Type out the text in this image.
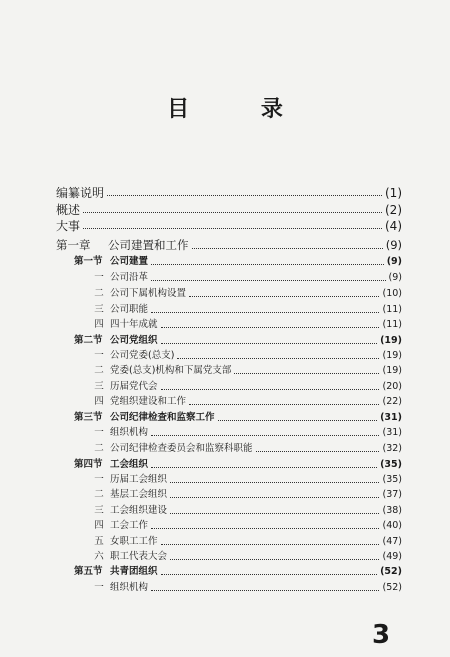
目 录
编纂说明	(1)
概述	(2)
大事	(4)
第一章	公司建置和工作	(9)
第一节 公司建置	(9)
一 公司沿革	(9)
二 公司下属机构设置	(10)
三 公司职能	(11)
四 四十年成就	(11)
第二节 公司党组织	(19)
一 公司党委(总支)	(19)
二 党委(总支)机构和下属党支部	(19)
三 历届党代会	(20)
四 党组织建设和工作	(22)
第三节 公司纪律检查和监察工作	(31)
一 组织机构	(31)
二 公司纪律检查委员会和监察科职能	(32)
第四节 工会组织	(35)
一 历届工会组织	(35)
二 基层工会组织	(37)
三 工会组织建设	(38)
四 工会工作	(40)
五 女职工工作	(47)
六 职工代表大会	(49)
第五节 共青团组织	(52)
一 组织机构	(52)
3
